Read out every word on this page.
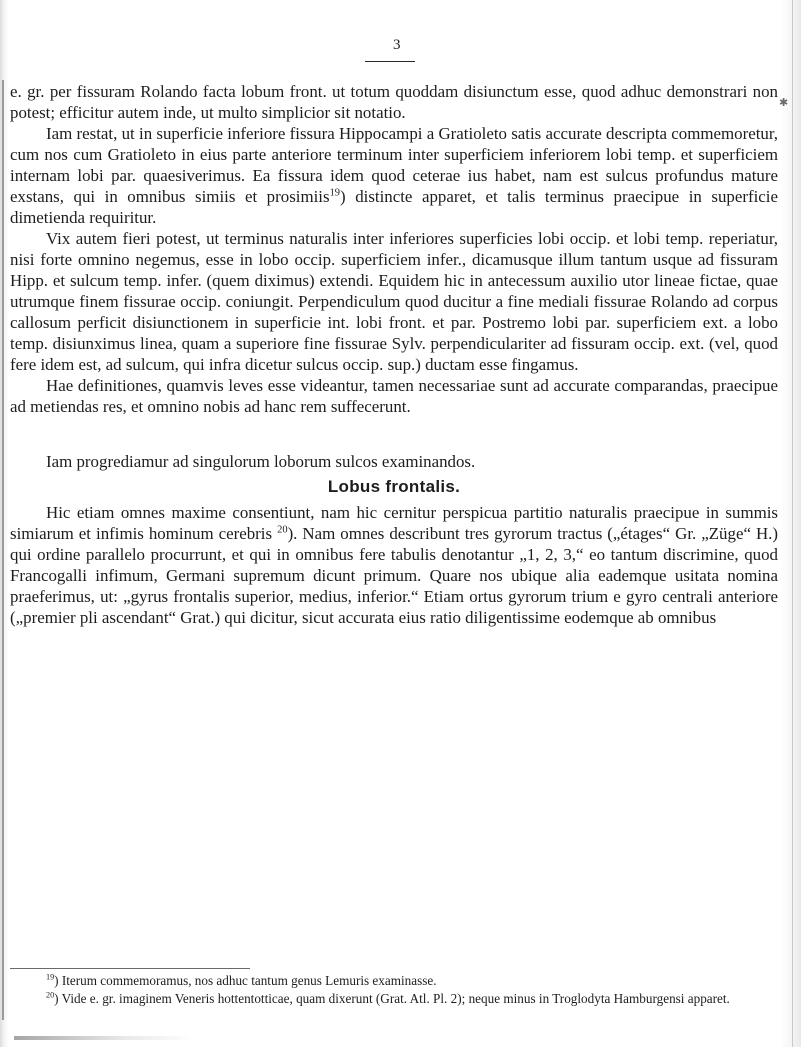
3
✱

e. gr. per fissuram Rolando facta lobum front. ut totum quoddam disiunctum esse, quod adhuc demonstrari non potest; efficitur autem inde, ut multo simplicior sit notatio.

Iam restat, ut in superficie inferiore fissura Hippocampi a Gratioleto satis accurate descripta commemoretur, cum nos cum Gratioleto in eius parte anteriore terminum inter superficiem inferiorem lobi temp. et superficiem internam lobi par. quaesiverimus. Ea fissura idem quod ceterae ius habet, nam est sulcus profundus mature exstans, qui in omnibus simiis et prosimiis$^{19}$) distincte apparet, et talis terminus praecipue in superficie dimetienda requiritur.

Vix autem fieri potest, ut terminus naturalis inter inferiores superficies lobi occip. et lobi temp. reperiatur, nisi forte omnino negemus, esse in lobo occip. superficiem infer., dicamusque illum tantum usque ad fissuram Hipp. et sulcum temp. infer. (quem diximus) extendi. Equidem hic in antecessum auxilio utor lineae fictae, quae utrumque finem fissurae occip. coniungit. Perpendiculum quod ducitur a fine mediali fissurae Rolando ad corpus callosum perficit disiunctionem in superficie int. lobi front. et par. Postremo lobi par. superficiem ext. a lobo temp. disiunximus linea, quam a superiore fine fissurae Sylv. perpendiculariter ad fissuram occip. ext. (vel, quod fere idem est, ad sulcum, qui infra dicetur sulcus occip. sup.) ductam esse fingamus.

Hae definitiones, quamvis leves esse videantur, tamen necessariae sunt ad accurate comparandas, praecipue ad metiendas res, et omnino nobis ad hanc rem suffecerunt.

Iam progrediamur ad singulorum loborum sulcos examinandos.

Lobus frontalis.

Hic etiam omnes maxime consentiunt, nam hic cernitur perspicua partitio naturalis praecipue in summis simiarum et infimis hominum cerebris $^{20}$). Nam omnes describunt tres gyrorum tractus („étages“ Gr. „Züge“ H.) qui ordine parallelo procurrunt, et qui in omnibus fere tabulis denotantur „1, 2, 3,“ eo tantum discrimine, quod Francogalli infimum, Germani supremum dicunt primum. Quare nos ubique alia eademque usitata nomina praeferimus, ut: „gyrus frontalis superior, medius, inferior.“ Etiam ortus gyrorum trium e gyro centrali anteriore („premier pli ascendant“ Grat.) qui dicitur, sicut accurata eius ratio diligentissime eodemque ab omnibus

$^{19}$) Iterum commemoramus, nos adhuc tantum genus Lemuris examinasse.

$^{20}$) Vide e. gr. imaginem Veneris hottentotticae, quam dixerunt (Grat. Atl. Pl. 2); neque minus in Troglodyta Hamburgensi apparet.
